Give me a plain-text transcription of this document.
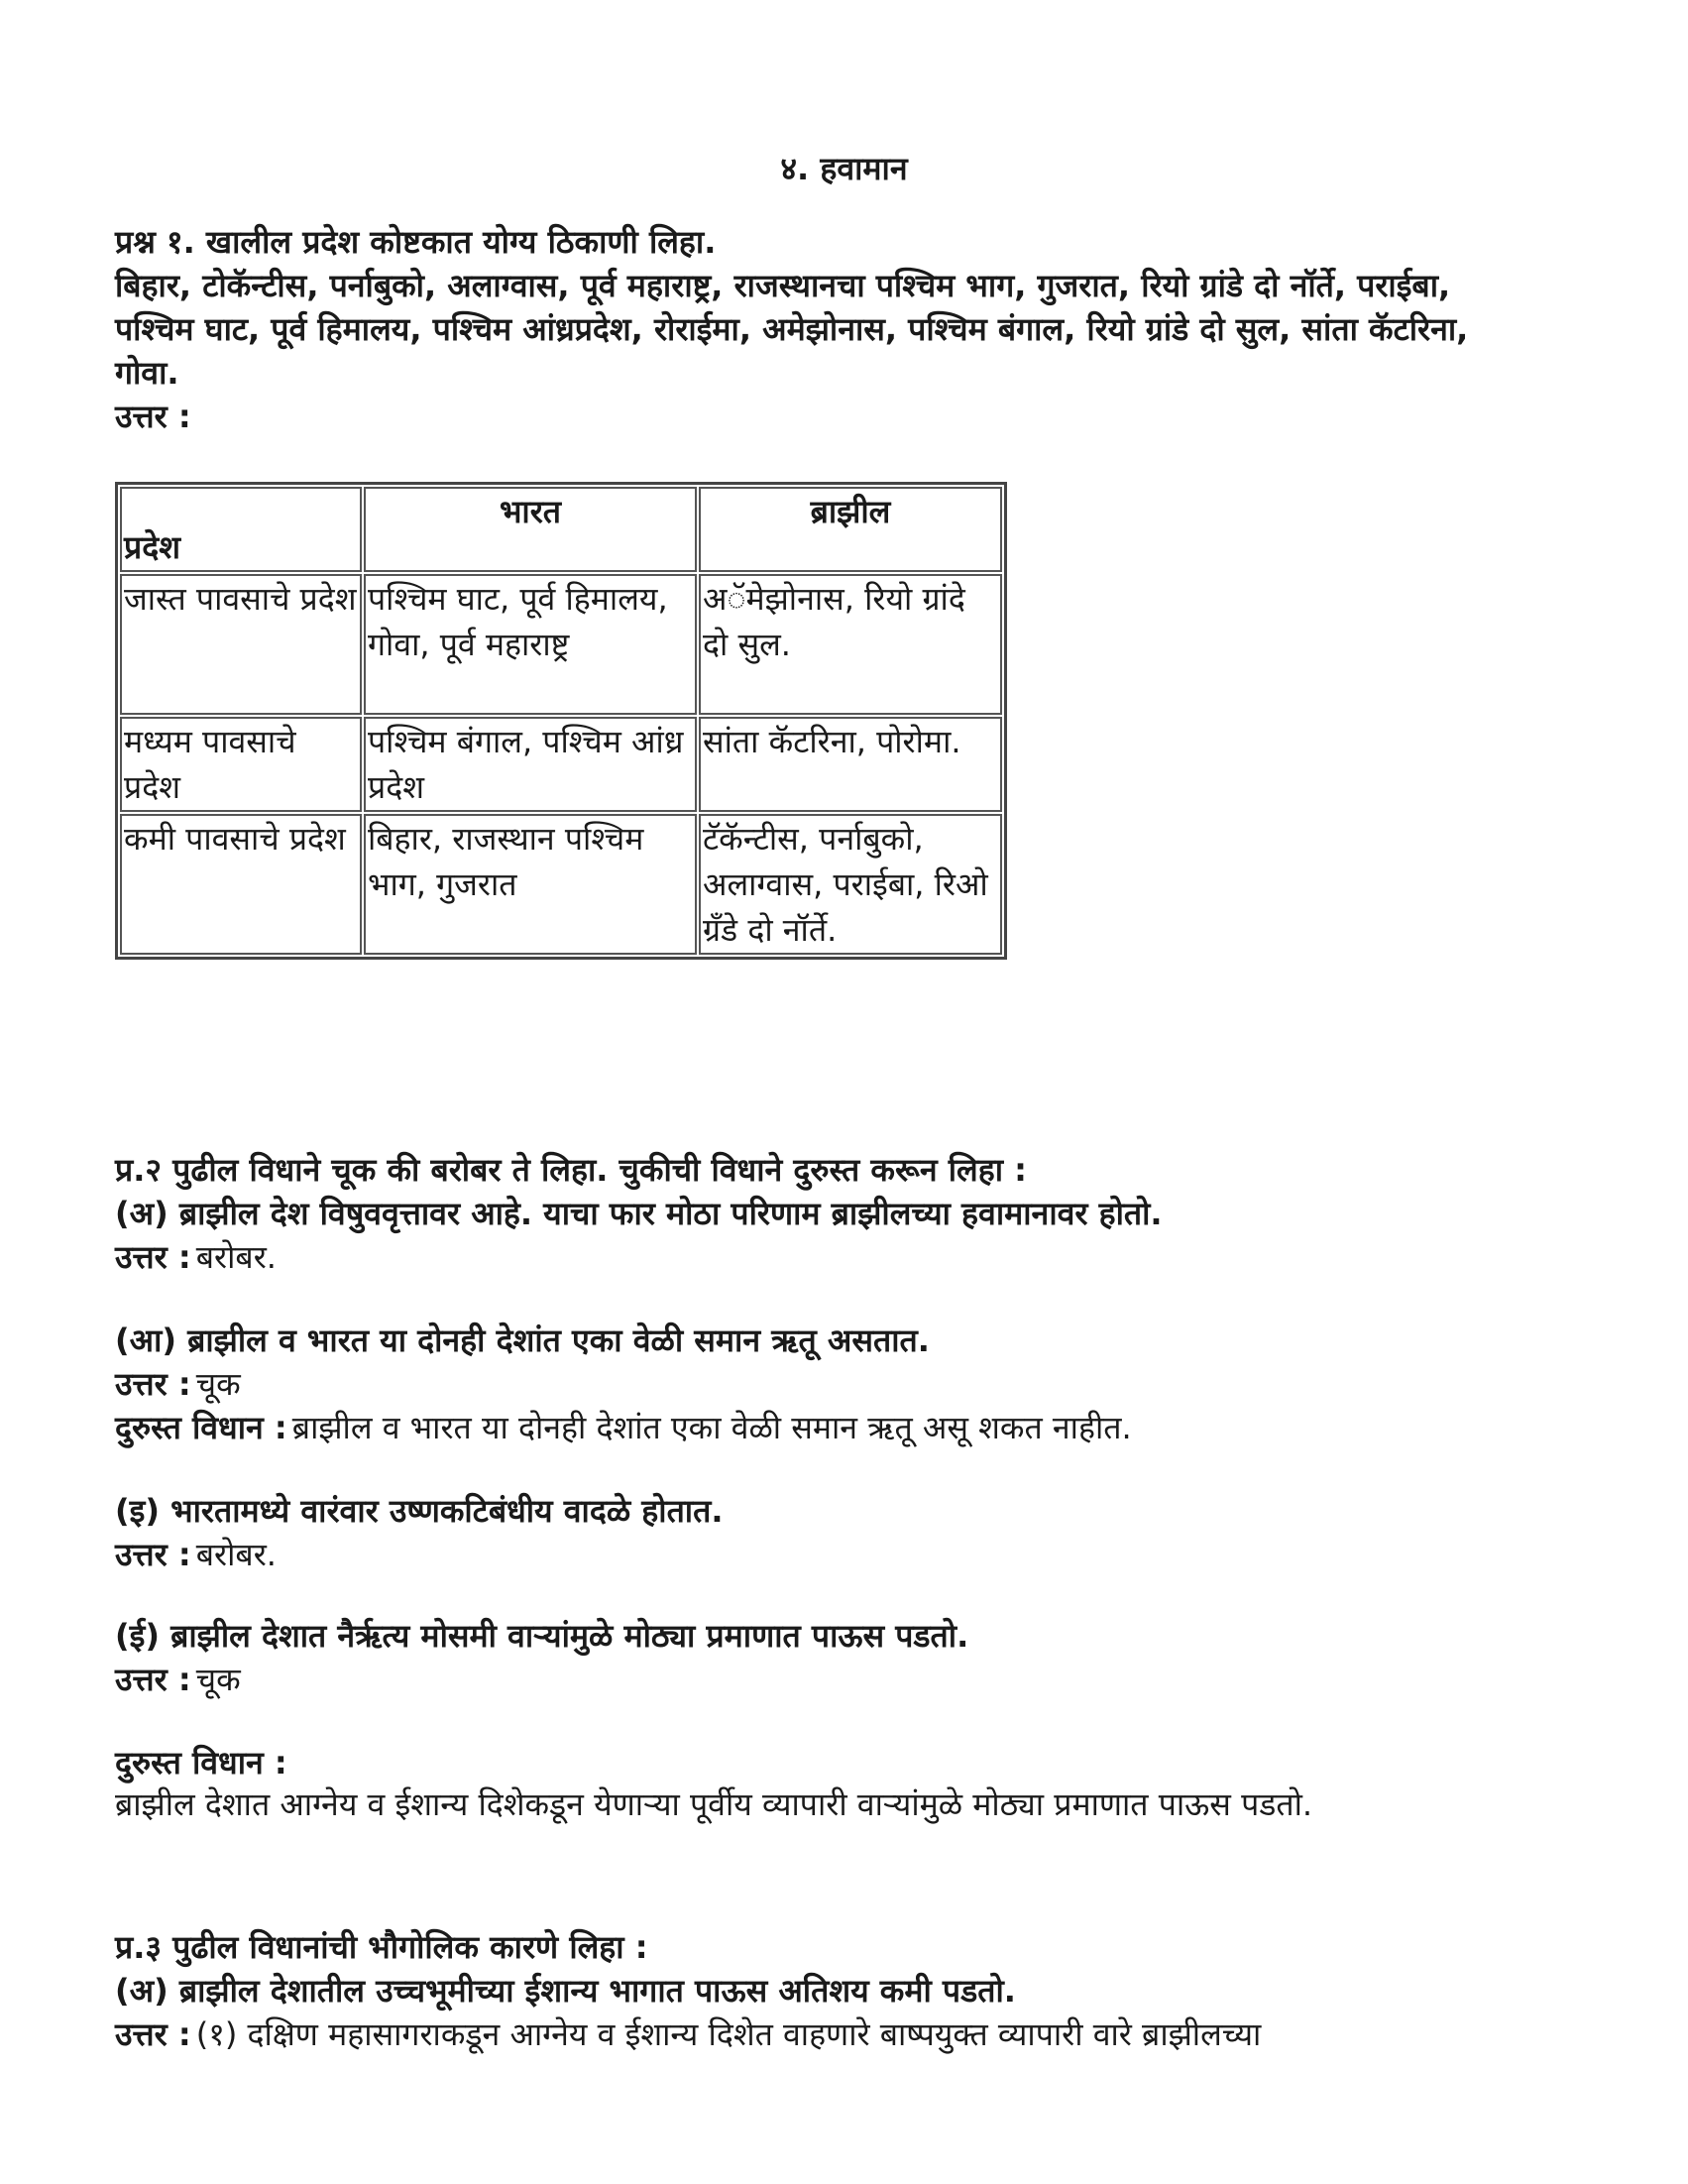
४. हवामान
प्रश्न १. खालील प्रदेश कोष्टकात योग्य ठिकाणी लिहा.
बिहार, टोकॅन्टीस, पर्नाबुको, अलाग्वास, पूर्व महाराष्ट्र, राजस्थानचा पश्चिम भाग, गुजरात, रियो ग्रांडे दो नॉर्ते, पराईबा, पश्चिम घाट, पूर्व हिमालय, पश्चिम आंध्रप्रदेश, रोराईमा, अमेझोनास, पश्चिम बंगाल, रियो ग्रांडे दो सुल, सांता कॅटरिना, गोवा.
उत्तर :
प्रदेश	भारत	ब्राझील
जास्त पावसाचे प्रदेश	पश्चिम घाट, पूर्व हिमालय, गोवा, पूर्व महाराष्ट्र	अॅमेझोनास, रियो ग्रांदे दो सुल.
मध्यम पावसाचे प्रदेश	पश्चिम बंगाल, पश्चिम आंध्र प्रदेश	सांता कॅटरिना, पोरोमा.
कमी पावसाचे प्रदेश	बिहार, राजस्थान पश्चिम भाग, गुजरात	टॅकॅन्टीस, पर्नाबुको, अलाग्वास, पराईबा, रिओ ग्रॅंडे दो नॉर्ते.
प्र.२ पुढील विधाने चूक की बरोबर ते लिहा. चुकीची विधाने दुरुस्त करून लिहा :
(अ) ब्राझील देश विषुववृत्तावर आहे. याचा फार मोठा परिणाम ब्राझीलच्या हवामानावर होतो.
उत्तर : बरोबर.
(आ) ब्राझील व भारत या दोनही देशांत एका वेळी समान ऋतू असतात.
उत्तर : चूक
दुरुस्त विधान : ब्राझील व भारत या दोनही देशांत एका वेळी समान ऋतू असू शकत नाहीत.
(इ) भारतामध्ये वारंवार उष्णकटिबंधीय वादळे होतात.
उत्तर : बरोबर.
(ई) ब्राझील देशात नैर्ऋत्य मोसमी वाऱ्यांमुळे मोठ्या प्रमाणात पाऊस पडतो.
उत्तर : चूक
दुरुस्त विधान :
ब्राझील देशात आग्नेय व ईशान्य दिशेकडून येणाऱ्या पूर्वीय व्यापारी वाऱ्यांमुळे मोठ्या प्रमाणात पाऊस पडतो.
प्र.३ पुढील विधानांची भौगोलिक कारणे लिहा :
(अ) ब्राझील देशातील उच्चभूमीच्या ईशान्य भागात पाऊस अतिशय कमी पडतो.
उत्तर : (१) दक्षिण महासागराकडून आग्नेय व ईशान्य दिशेत वाहणारे बाष्पयुक्त व्यापारी वारे ब्राझीलच्या
